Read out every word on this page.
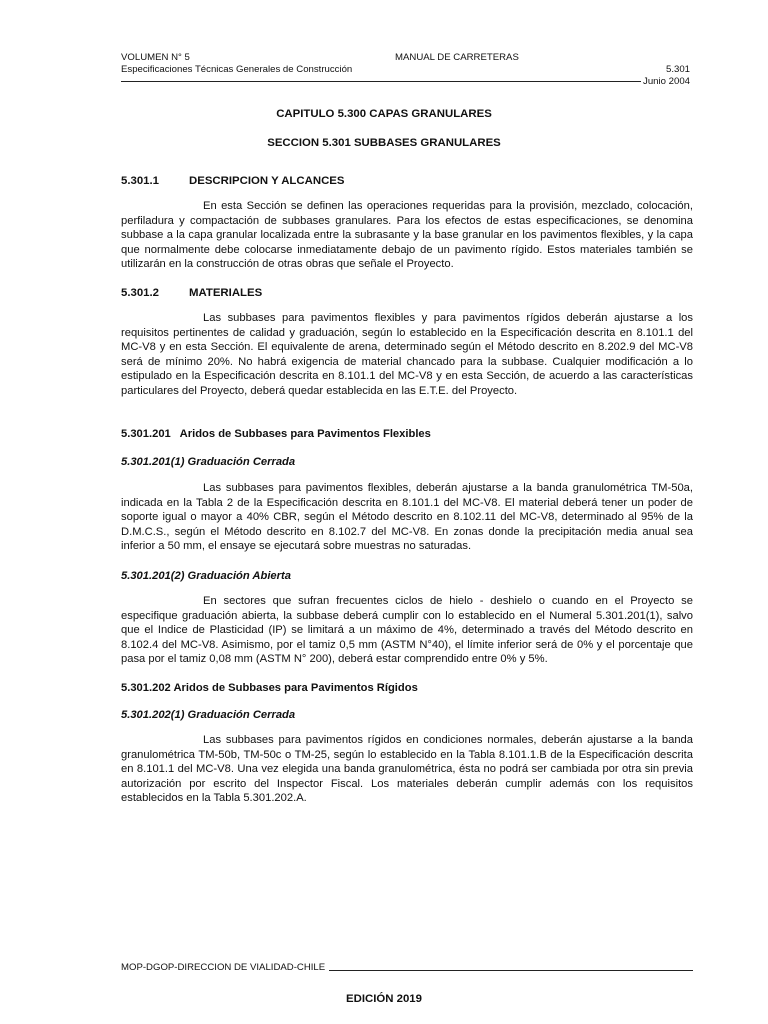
VOLUMEN N° 5	MANUAL DE CARRETERAS
Especificaciones Técnicas Generales de Construcción	5.301
Junio 2004
CAPITULO 5.300 CAPAS GRANULARES
SECCION 5.301 SUBBASES GRANULARES
5.301.1	DESCRIPCION Y ALCANCES
En esta Sección se definen las operaciones requeridas para la provisión, mezclado, colocación, perfiladura y compactación de subbases granulares. Para los efectos de estas especificaciones, se denomina subbase a la capa granular localizada entre la subrasante y la base granular en los pavimentos flexibles, y la capa que normalmente debe colocarse inmediatamente debajo de un pavimento rígido. Estos materiales también se utilizarán en la construcción de otras obras que señale el Proyecto.
5.301.2	MATERIALES
Las subbases para pavimentos flexibles y para pavimentos rígidos deberán ajustarse a los requisitos pertinentes de calidad y graduación, según lo establecido en la Especificación descrita en 8.101.1 del MC-V8 y en esta Sección. El equivalente de arena, determinado según el Método descrito en 8.202.9 del MC-V8 será de mínimo 20%. No habrá exigencia de material chancado para la subbase. Cualquier modificación a lo estipulado en la Especificación descrita en 8.101.1 del MC-V8 y en esta Sección, de acuerdo a las características particulares del Proyecto, deberá quedar establecida en las E.T.E. del Proyecto.
5.301.201   Aridos de Subbases para Pavimentos Flexibles
5.301.201(1) Graduación Cerrada
Las subbases para pavimentos flexibles, deberán ajustarse a la banda granulométrica TM-50a, indicada en la Tabla 2 de la Especificación descrita en 8.101.1 del MC-V8. El material deberá tener un poder de soporte igual o mayor a 40% CBR, según el Método descrito en 8.102.11 del MC-V8, determinado al 95% de la D.M.C.S., según el Método descrito en 8.102.7 del MC-V8. En zonas donde la precipitación media anual sea inferior a 50 mm, el ensaye se ejecutará sobre muestras no saturadas.
5.301.201(2) Graduación Abierta
En sectores que sufran frecuentes ciclos de hielo - deshielo o cuando en el Proyecto se especifique graduación abierta, la subbase deberá cumplir con lo establecido en el Numeral 5.301.201(1), salvo que el Indice de Plasticidad (IP) se limitará a un máximo de 4%, determinado a través del Método descrito en 8.102.4 del MC-V8. Asimismo, por el tamiz 0,5 mm (ASTM N°40), el límite inferior será de 0% y el porcentaje que pasa por el tamiz 0,08 mm (ASTM N° 200), deberá estar comprendido entre 0% y 5%.
5.301.202 Aridos de Subbases para Pavimentos Rígidos
5.301.202(1) Graduación Cerrada
Las subbases para pavimentos rígidos en condiciones normales, deberán ajustarse a la banda granulométrica TM-50b, TM-50c o TM-25, según lo establecido en la Tabla 8.101.1.B de la Especificación descrita en 8.101.1 del MC-V8. Una vez elegida una banda granulométrica, ésta no podrá ser cambiada por otra sin previa autorización por escrito del Inspector Fiscal. Los materiales deberán cumplir además con los requisitos establecidos en la Tabla 5.301.202.A.
MOP-DGOP-DIRECCION DE VIALIDAD-CHILE
EDICIÓN 2019
